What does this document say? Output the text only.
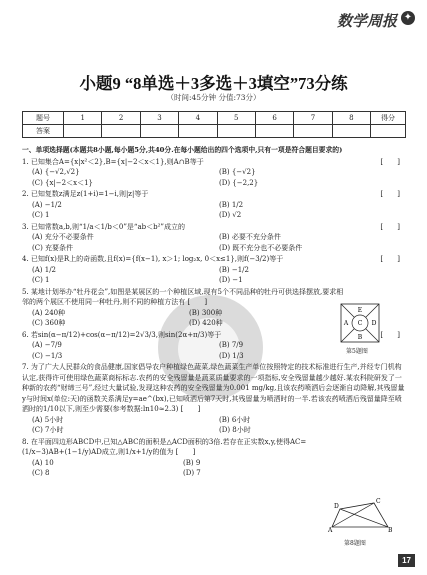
数学周报 ✦
小题9 “8单选＋3多选＋3填空”73分练
（时间:45分钟 分值:73分）
题号	1	2	3	4	5	6	7	8	得分
答案									
一、单项选择题(本题共8小题,每小题5分,共40分.在每小题给出的四个选项中,只有一项是符合题目要求的)
[ ]
1. 已知集合A={x|x²＜2},B={x|−2＜x＜1},则A∩B等于
(A) {−√2,√2}	(B) {−√2}
(C) {x|−2＜x＜1}	(D) {−2,2}
[ ]
2. 已知复数z满足z(1+i)=1−i,则|z|等于
(A) −1/2	(B) 1/2
(C) 1	(D) √2
[ ]
3. 已知常数a,b,则“1/a＜1/b＜0”是“ab＜b²”成立的
(A) 充分不必要条件	(B) 必要不充分条件
(C) 充要条件	(D) 既不充分也不必要条件
[ ]
4. 已知f(x)是R上的奇函数,且f(x)={f(x−1), x＞1; log₂x, 0＜x≤1},则f(−3/2)等于
(A) 1/2	(B) −1/2
(C) 1	(D) −1
5. 某地计划举办“牡丹花会”,如图是某展区的一个种植区域,现有5个不同品种的牡丹可供选择摆放,要求相邻的两个展区不使用同一种牡丹,则不同的种植方法有 [ ]
(A) 240种	(B) 300种
(C) 360种	(D) 420种
[ ]
6. 若sin(α−π/12)+cos(α−π/12)=2√3/3,则sin(2α+π/3)等于
(A) −7/9	(B) 7/9
(C) −1/3	(D) 1/3
7. 为了广大人民群众的食品健康,国家倡导农户种植绿色蔬菜,绿色蔬菜生产单位按照特定的技术标准进行生产,并经专门机构认定,获得许可使用绿色蔬菜商标标志.农药的安全残留量是蔬菜质量要求的一项指标,安全残留量越少越好.某农科院研发了一种新的农药“财缔三号”,经过大量试验,发现这种农药的安全残留量为0.001 mg/kg,且该农药喷洒后会逐渐自动降解,其残留量y与时间x(单位:天)的函数关系满足y=ae^(bx),已知喷洒后第7天时,其残留量为喷洒时的一半.若该农药喷洒后残留量降至喷洒时的1/10以下,则至少需要(参考数据:ln10≈2.3) [ ]
(A) 5小时	(B) 6小时
(C) 7小时	(D) 8小时
8. 在平面四边形ABCD中,已知△ABC的面积是△ACD面积的3倍.若存在正实数x,y,使得AC=(1/x−3)AB+(1−1/y)AD成立,则1/x+1/y的值为 [ ]
(A) 10	(B) 9
(C) 8	(D) 7
E
A C D
B
第5题图
A	B
C
D
第8题图
17
